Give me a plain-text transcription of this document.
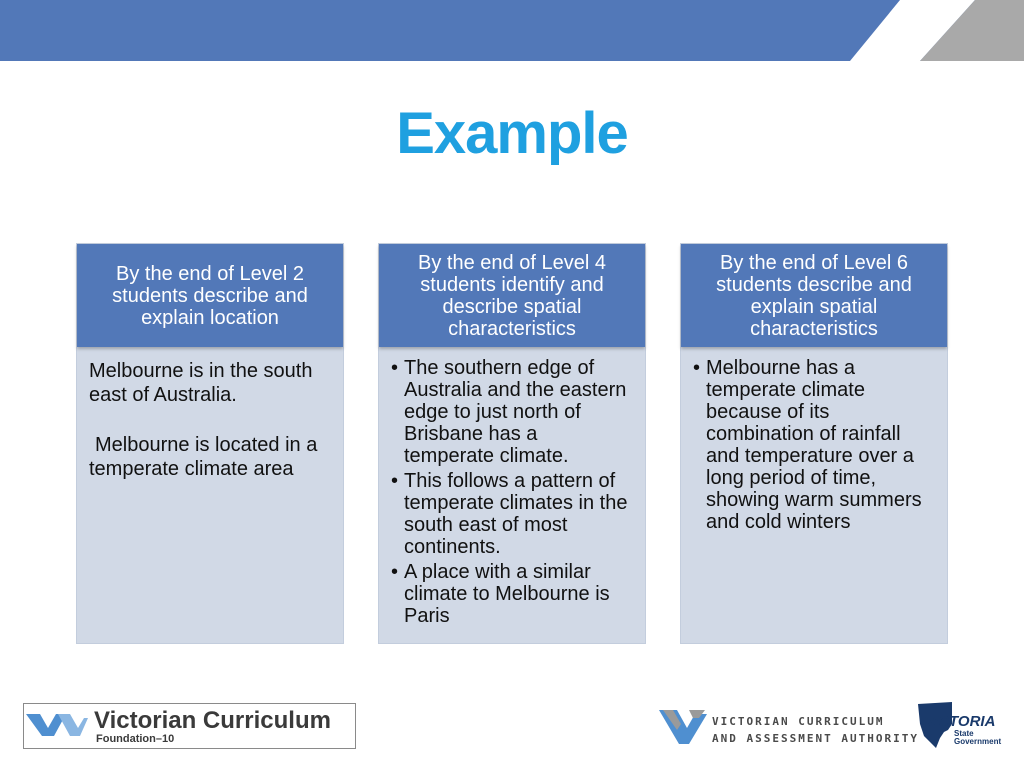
Example
By the end of Level 2 students describe and explain location

Melbourne is in the south east of Australia.

Melbourne is located in a temperate climate area

By the end of Level 4 students identify and describe spatial characteristics
• The southern edge of Australia and the eastern edge to just north of Brisbane has a temperate climate.
• This follows a pattern of temperate climates in the south east of most continents.
• A place with a similar climate to Melbourne is Paris
By the end of Level 6 students describe and explain spatial characteristics
• Melbourne has a temperate climate because of its combination of rainfall and temperature over a long period of time, showing warm summers and cold winters
Victorian Curriculum
Foundation–10
VICTORIAN CURRICULUM
AND ASSESSMENT AUTHORITY
VICTORIA
State
Government
